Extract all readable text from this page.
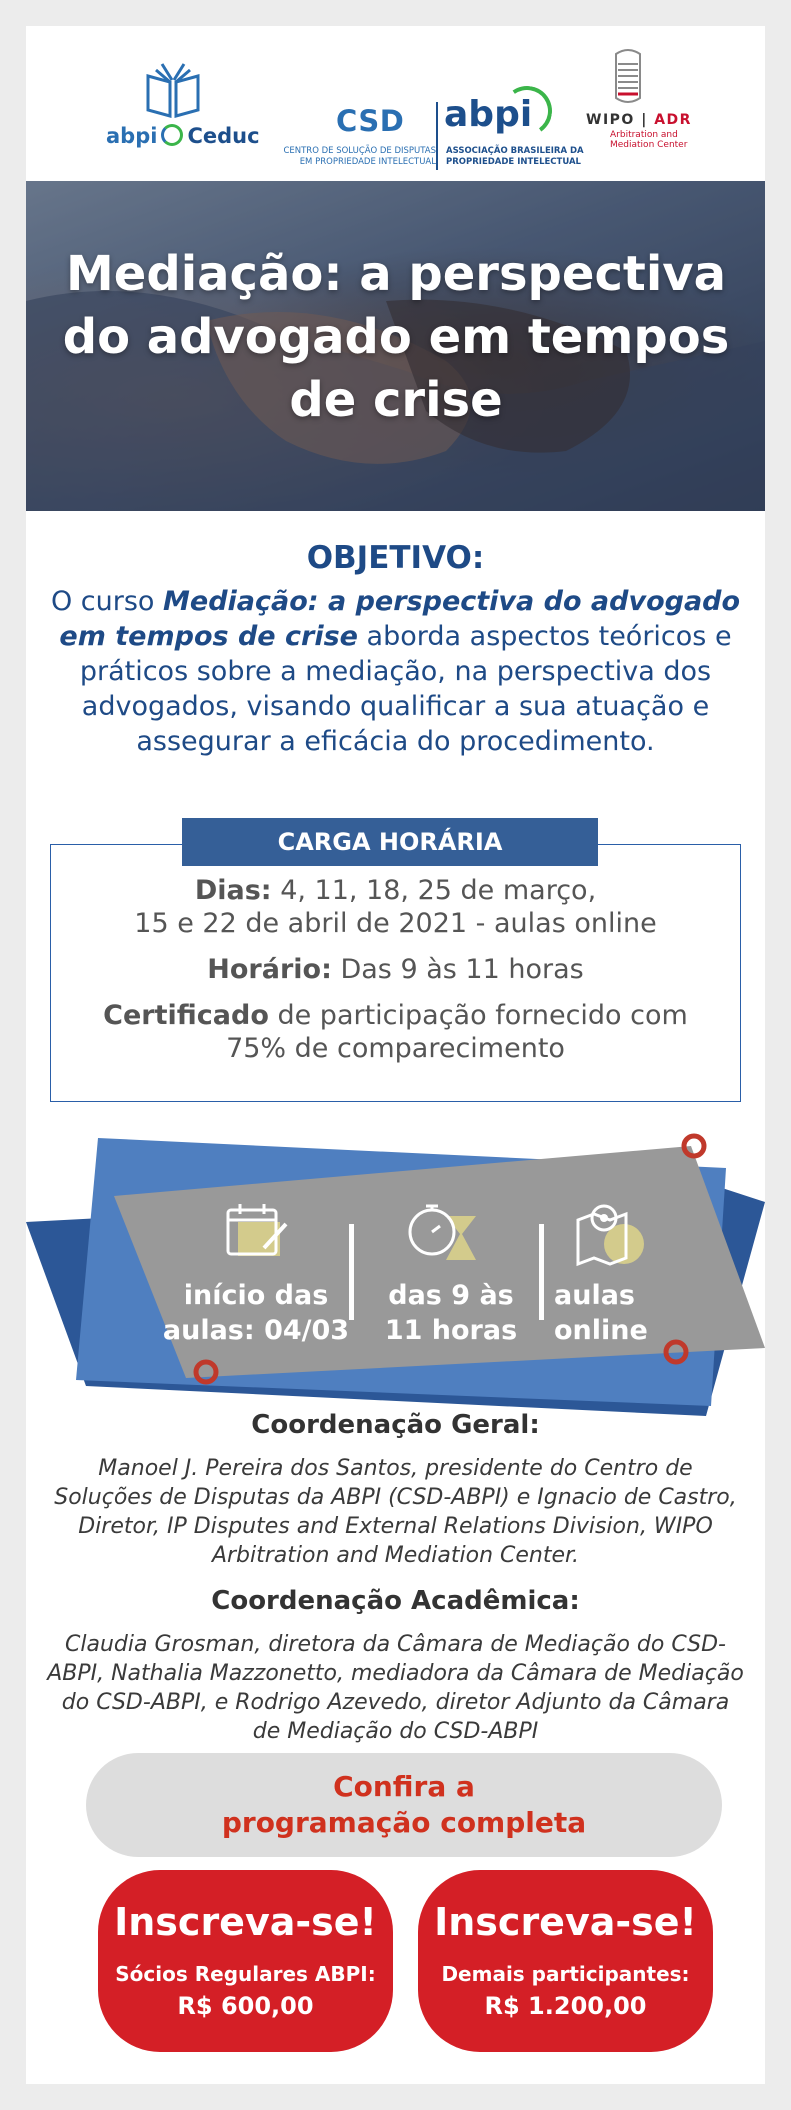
abpi Ceduc	CSD
CENTRO DE SOLUÇÃO DE DISPUTAS EM PROPRIEDADE INTELECTUAL
abpi
ASSOCIAÇÃO BRASILEIRA DA PROPRIEDADE INTELECTUAL
WIPO | ADR
Arbitration and Mediation Center
Mediação: a perspectiva
do advogado em tempos
de crise
OBJETIVO:
O curso Mediação: a perspectiva do advogado em tempos de crise aborda aspectos teóricos e práticos sobre a mediação, na perspectiva dos advogados, visando qualificar a sua atuação e assegurar a eficácia do procedimento.
CARGA HORÁRIA
Dias: 4, 11, 18, 25 de março,
15 e 22 de abril de 2021 - aulas online
Horário: Das 9 às 11 horas
Certificado de participação fornecido com
75% de comparecimento
início das
aulas: 04/03
das 9 às
11 horas
aulas
online
Coordenação Geral:
Manoel J. Pereira dos Santos, presidente do Centro de Soluções de Disputas da ABPI (CSD-ABPI) e Ignacio de Castro, Diretor, IP Disputes and External Relations Division, WIPO Arbitration and Mediation Center.
Coordenação Acadêmica:
Claudia Grosman, diretora da Câmara de Mediação do CSD-ABPI, Nathalia Mazzonetto, mediadora da Câmara de Mediação do CSD-ABPI, e Rodrigo Azevedo, diretor Adjunto da Câmara de Mediação do CSD-ABPI
Confira a
programação completa
Inscreva-se!
Sócios Regulares ABPI:
R$ 600,00
Inscreva-se!
Demais participantes:
R$ 1.200,00
